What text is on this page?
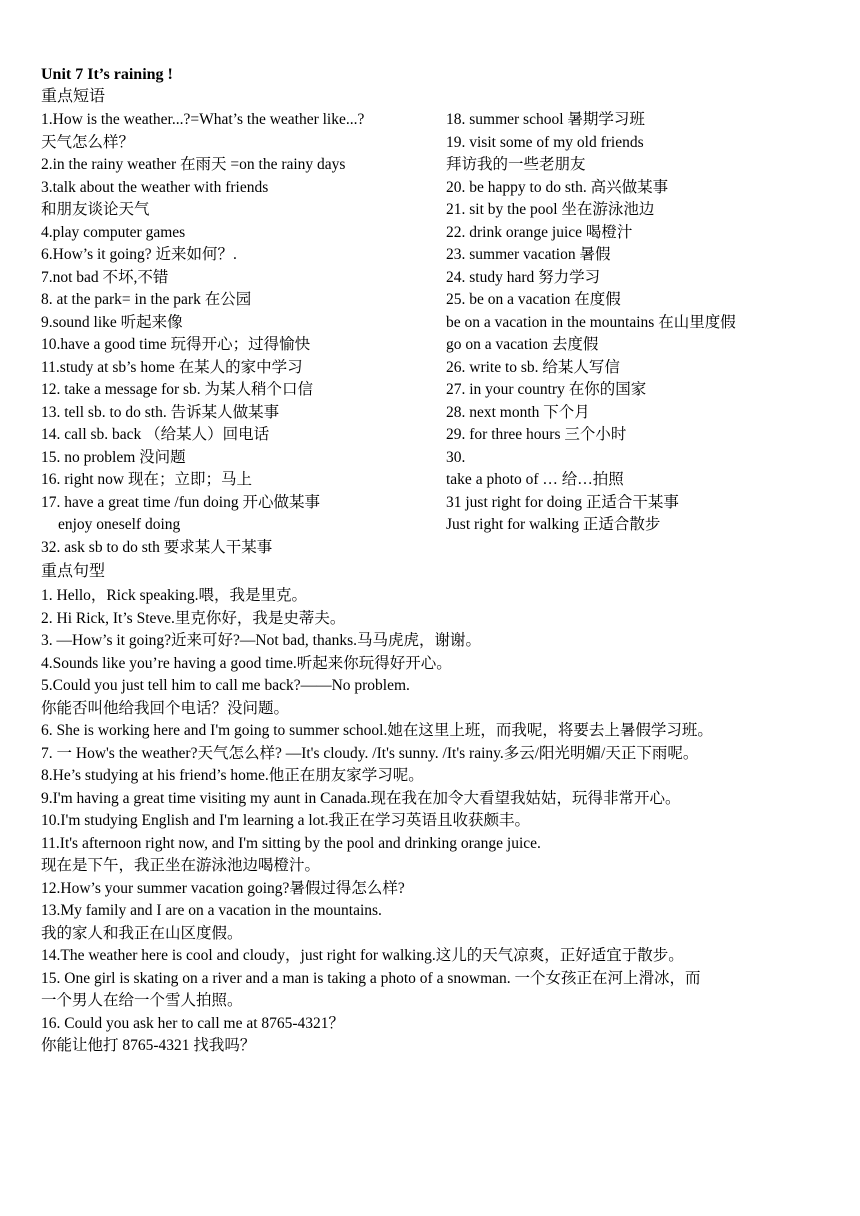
Unit 7 It’s raining !
重点短语
1.How is the weather...?=What’s the weather like...?
天气怎么样？
2.in the rainy weather 在雨天 =on the rainy days
3.talk about the weather with friends
和朋友谈论天气
4.play computer games
6.How’s it going? 近来如何？.
7.not bad 不坏,不错
8. at the park= in the park 在公园
9.sound like 听起来像
10.have a good time 玩得开心；过得愉快
11.study at sb’s home 在某人的家中学习
12. take a message for sb. 为某人稍个口信
13. tell sb. to do sth. 告诉某人做某事
14. call sb. back （给某人）回电话
15. no problem 没问题
16. right now 现在；立即；马上
17. have a great time /fun doing 开心做某事
enjoy oneself doing
32. ask sb to do sth 要求某人干某事
18. summer school 暑期学习班
19. visit some of my old friends
拜访我的一些老朋友
20. be happy to do sth. 高兴做某事
21. sit by the pool 坐在游泳池边
22. drink orange juice 喝橙汁
23. summer vacation 暑假
24. study hard 努力学习
25. be on a vacation 在度假
be on a vacation in the mountains 在山里度假
go on a vacation 去度假
26. write to sb. 给某人写信
27. in your country 在你的国家
28. next month 下个月
29. for three hours 三个小时
30.
take a photo of … 给…拍照
31 just right for doing 正适合干某事
Just right for walking 正适合散步
重点句型
1. Hello，Rick speaking.喂，我是里克。
2. Hi Rick, It’s Steve.里克你好，我是史蒂夫。
3. —How’s it going?近来可好?—Not bad, thanks.马马虎虎，谢谢。
4.Sounds like you’re having a good time.听起来你玩得好开心。
5.Could you just tell him to call me back?——No problem.
你能否叫他给我回个电话？没问题。
6. She is working here and I'm going to summer school.她在这里上班，而我呢，将要去上暑假学习班。
7. 一 How's the weather?天气怎么样? —It's cloudy. /It's sunny. /It's rainy.多云/阳光明媚/天正下雨呢。
8.He’s studying at his friend’s home.他正在朋友家学习呢。
9.I'm having a great time visiting my aunt in Canada.现在我在加令大看望我姑姑，玩得非常开心。
10.I'm studying English and I'm learning a lot.我正在学习英语且收获颇丰。
11.It's afternoon right now, and I'm sitting by the pool and drinking orange juice.
现在是下午，我正坐在游泳池边喝橙汁。
12.How’s your summer vacation going?暑假过得怎么样?
13.My family and I are on a vacation in the mountains.
我的家人和我正在山区度假。
14.The weather here is cool and cloudy，just right for walking.这儿的天气凉爽，正好适宜于散步。
15. One girl is skating on a river and a man is taking a photo of a snowman. 一个女孩正在河上滑冰，而
一个男人在给一个雪人拍照。
16. Could you ask her to call me at 8765-4321？
你能让他打 8765-4321 找我吗？
